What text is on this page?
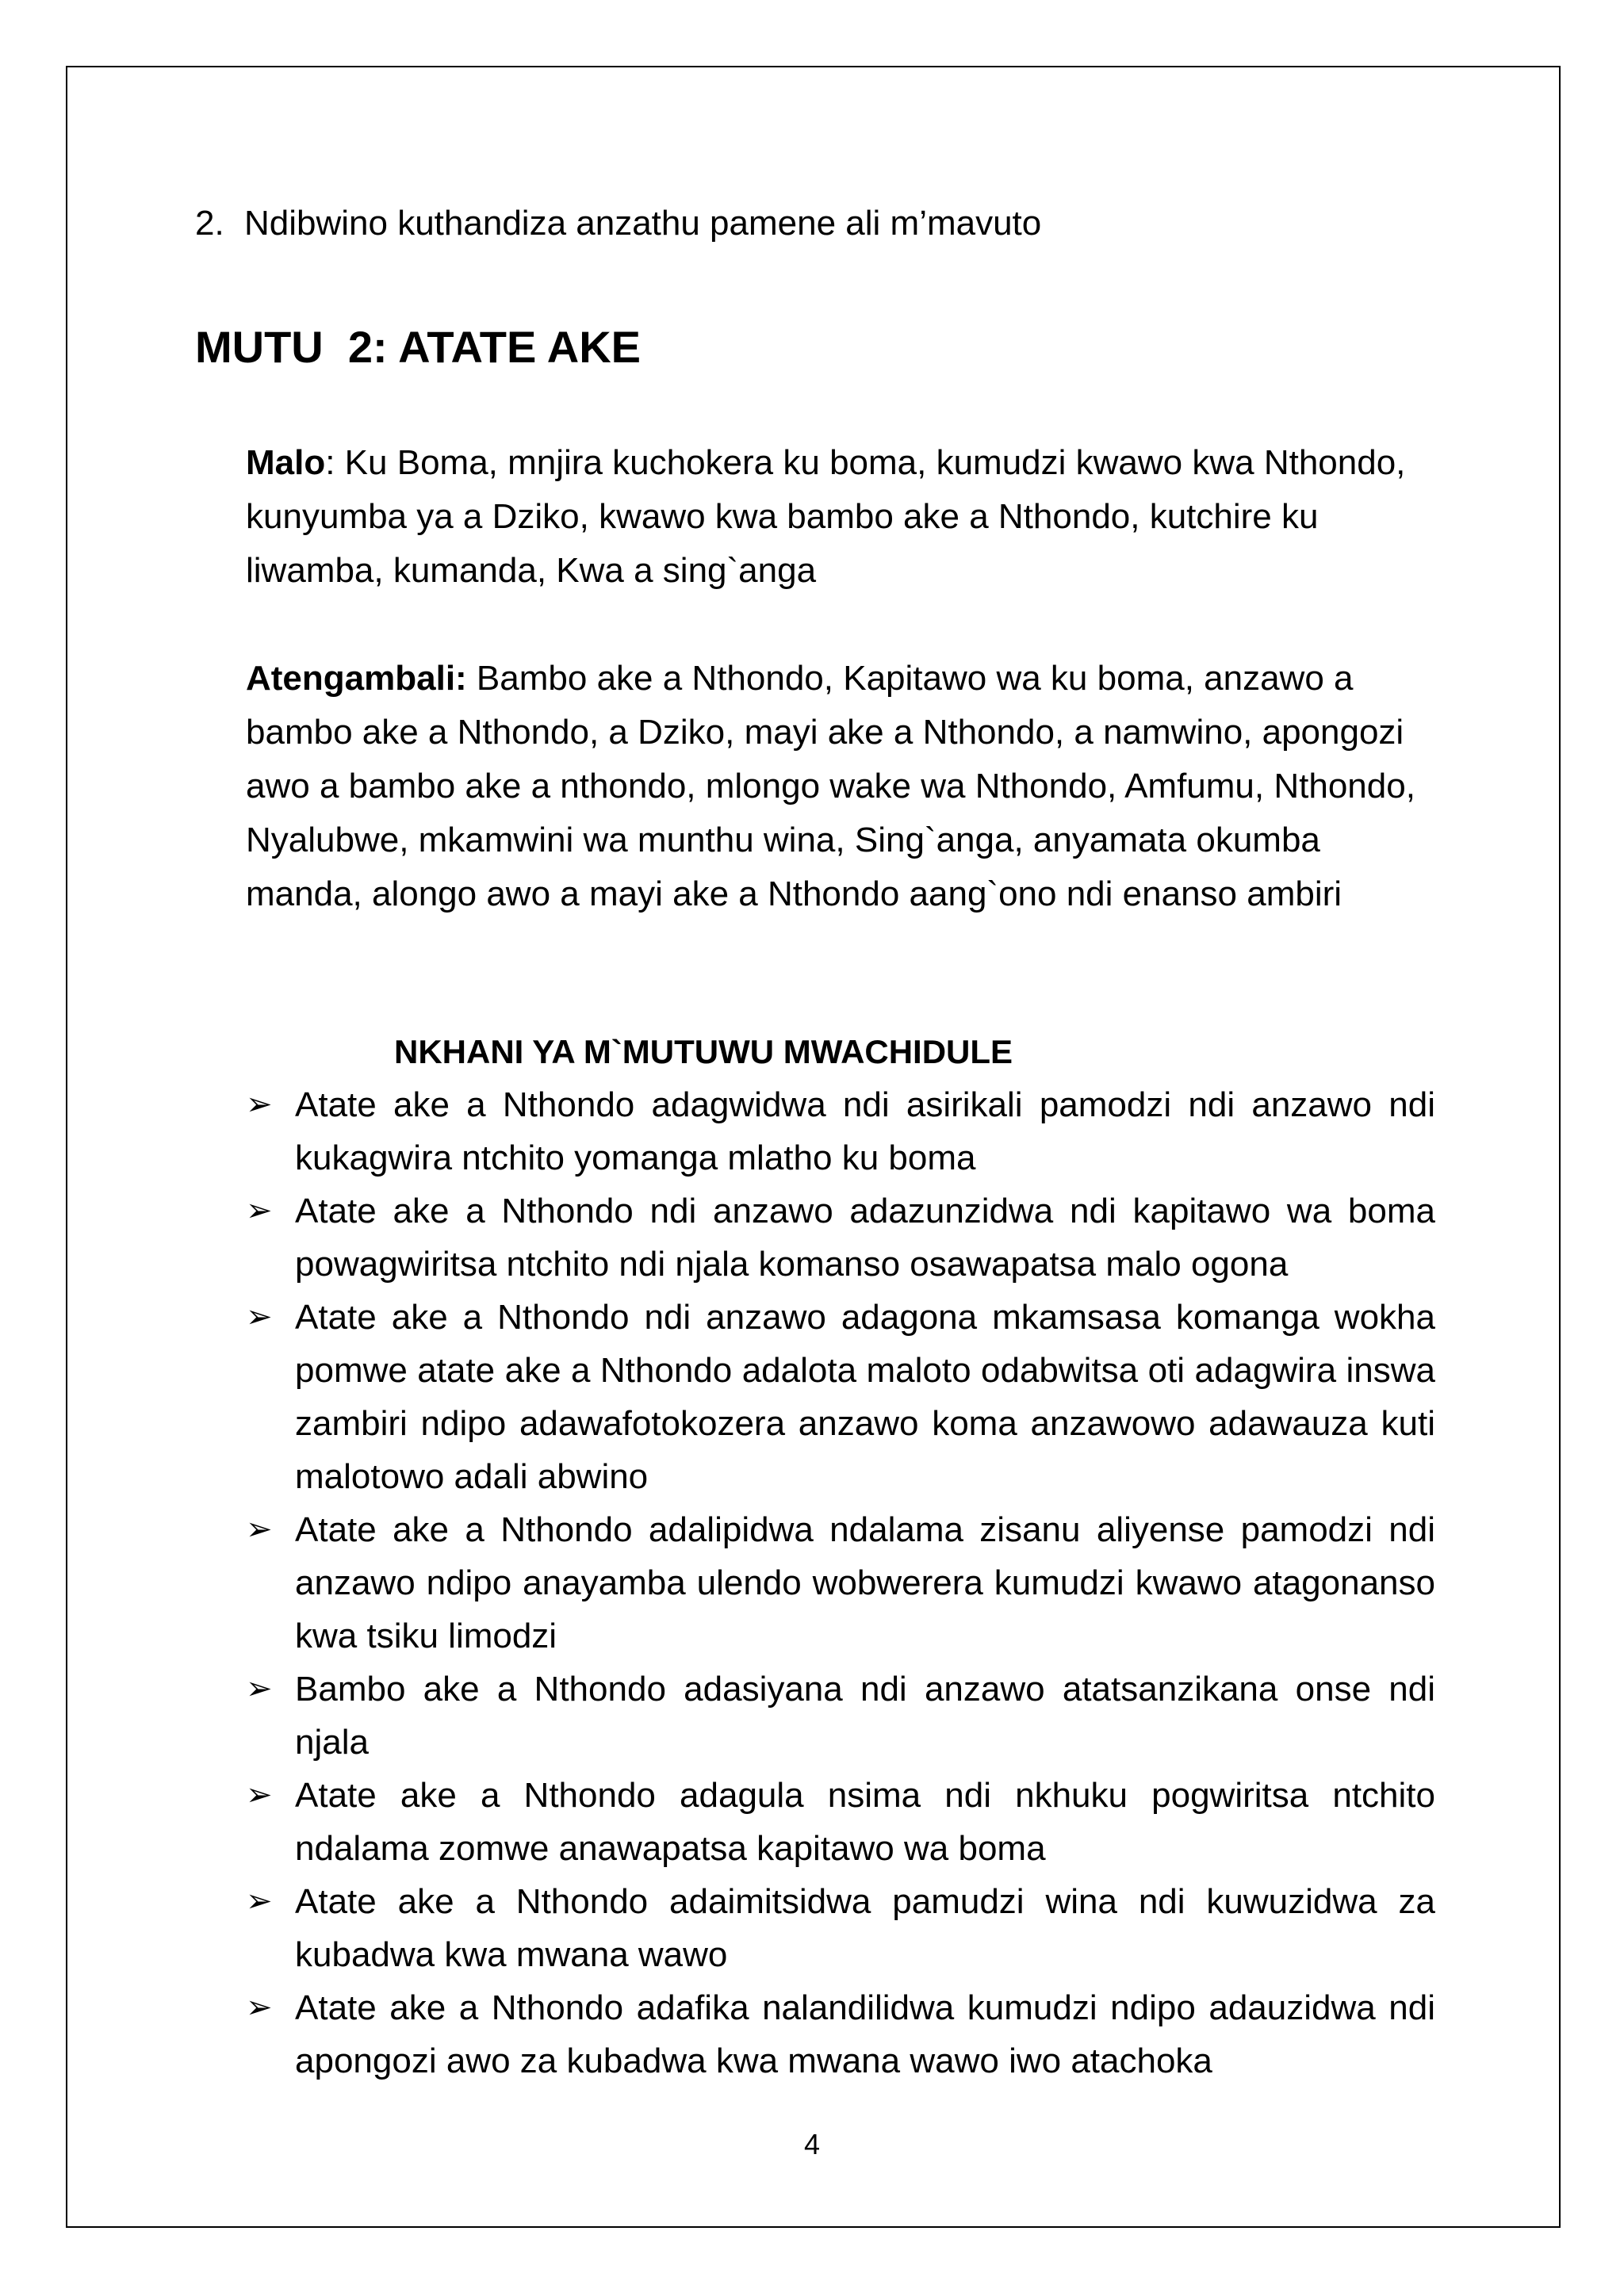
2. Ndibwino kuthandiza anzathu pamene ali m’mavuto
MUTU  2: ATATE AKE
Malo: Ku Boma, mnjira kuchokera ku boma, kumudzi kwawo kwa Nthondo, kunyumba ya a Dziko, kwawo kwa bambo ake a Nthondo, kutchire ku liwamba, kumanda, Kwa a sing`anga
Atengambali: Bambo ake a Nthondo, Kapitawo wa ku boma, anzawo a bambo ake a Nthondo, a Dziko, mayi ake a Nthondo, a namwino, apongozi awo a bambo ake a nthondo, mlongo wake wa Nthondo, Amfumu, Nthondo, Nyalubwe, mkamwini wa munthu wina, Sing`anga, anyamata okumba manda, alongo awo a mayi ake a Nthondo aang`ono ndi enanso ambiri
NKHANI YA M`MUTUWU MWACHIDULE
➢ Atate ake a Nthondo adagwidwa ndi asirikali pamodzi ndi anzawo ndi kukagwira ntchito yomanga mlatho ku boma
➢ Atate ake a Nthondo ndi anzawo adazunzidwa ndi kapitawo wa boma powagwiritsa ntchito ndi njala komanso osawapatsa malo ogona
➢ Atate ake a Nthondo ndi anzawo adagona mkamsasa komanga wokha pomwe atate ake a Nthondo adalota maloto odabwitsa oti adagwira inswa zambiri ndipo adawafotokozera anzawo koma anzawowo adawauza kuti malotowo adali abwino
➢ Atate ake a Nthondo adalipidwa ndalama zisanu aliyense pamodzi ndi anzawo ndipo anayamba ulendo wobwerera kumudzi kwawo atagonanso kwa tsiku limodzi
➢ Bambo ake a Nthondo adasiyana ndi anzawo atatsanzikana onse ndi njala
➢ Atate ake a Nthondo adagula nsima ndi nkhuku pogwiritsa ntchito ndalama zomwe anawapatsa kapitawo wa boma
➢ Atate ake a Nthondo adaimitsidwa pamudzi wina ndi kuwuzidwa za kubadwa kwa mwana wawo
➢ Atate ake a Nthondo adafika nalandilidwa kumudzi ndipo adauzidwa ndi apongozi awo za kubadwa kwa mwana wawo iwo atachoka
4
